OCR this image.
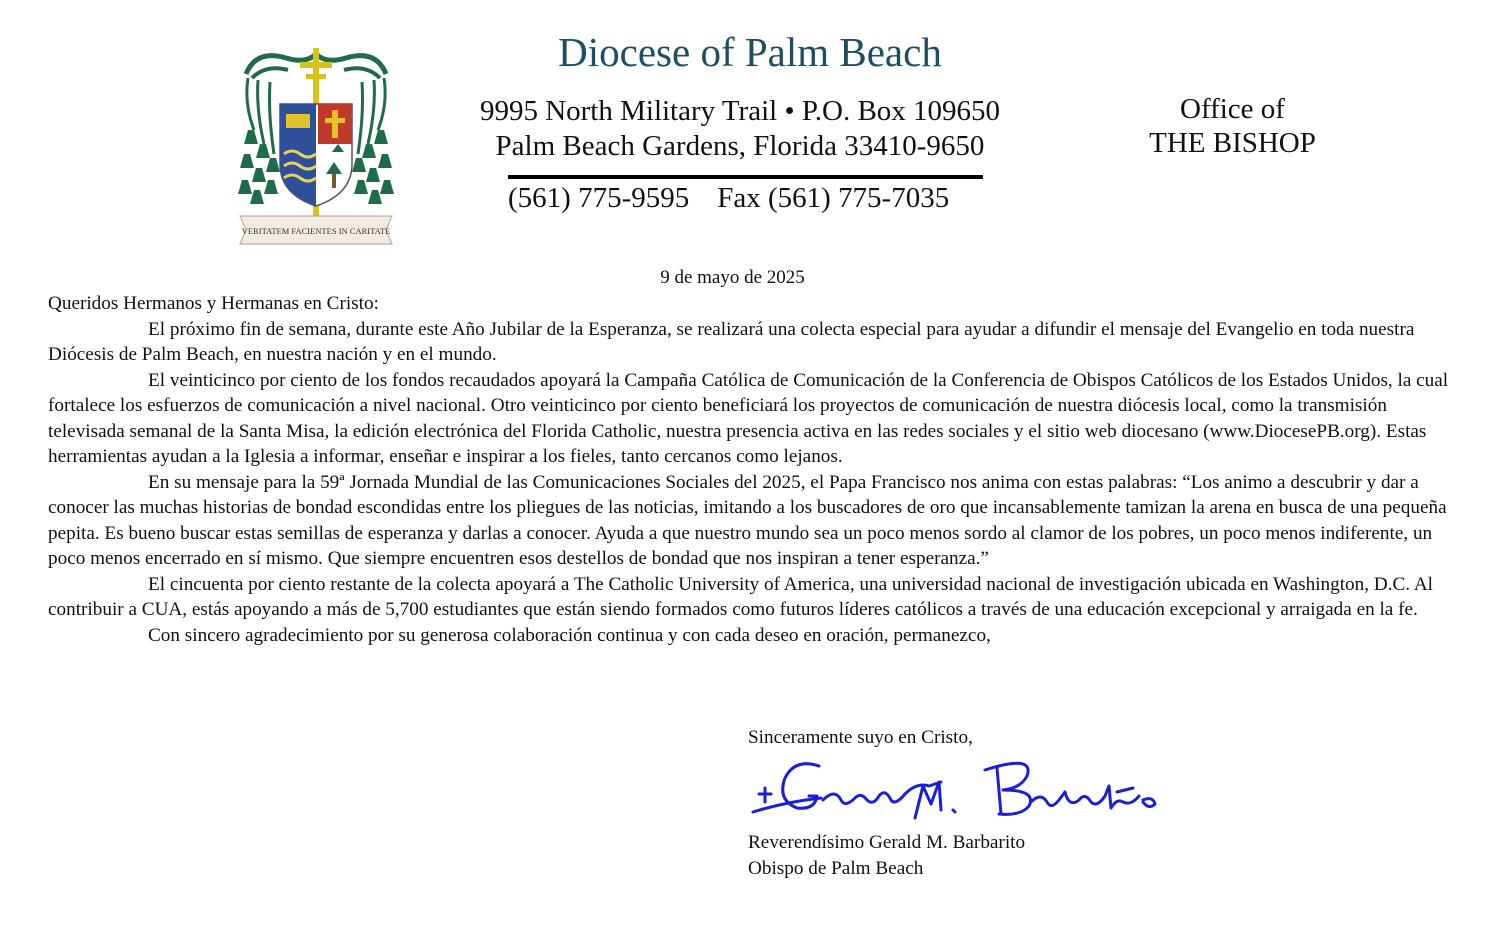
VERITATEM FACIENTES IN CARITATE
Diocese of Palm Beach
9995 North Military Trail • P.O. Box 109650
Palm Beach Gardens, Florida 33410-9650
(561) 775-9595 Fax (561) 775-7035
Office of
THE BISHOP
9 de mayo de 2025

Queridos Hermanos y Hermanas en Cristo:

El próximo fin de semana, durante este Año Jubilar de la Esperanza, se realizará una colecta especial para ayudar a difundir el mensaje del Evangelio en toda nuestra Diócesis de Palm Beach, en nuestra nación y en el mundo.

El veinticinco por ciento de los fondos recaudados apoyará la Campaña Católica de Comunicación de la Conferencia de Obispos Católicos de los Estados Unidos, la cual fortalece los esfuerzos de comunicación a nivel nacional. Otro veinticinco por ciento beneficiará los proyectos de comunicación de nuestra diócesis local, como la transmisión televisada semanal de la Santa Misa, la edición electrónica del Florida Catholic, nuestra presencia activa en las redes sociales y el sitio web diocesano (www.DiocesePB.org). Estas herramientas ayudan a la Iglesia a informar, enseñar e inspirar a los fieles, tanto cercanos como lejanos.

En su mensaje para la 59ª Jornada Mundial de las Comunicaciones Sociales del 2025, el Papa Francisco nos anima con estas palabras: “Los animo a descubrir y dar a conocer las muchas historias de bondad escondidas entre los pliegues de las noticias, imitando a los buscadores de oro que incansablemente tamizan la arena en busca de una pequeña pepita. Es bueno buscar estas semillas de esperanza y darlas a conocer. Ayuda a que nuestro mundo sea un poco menos sordo al clamor de los pobres, un poco menos indiferente, un poco menos encerrado en sí mismo. Que siempre encuentren esos destellos de bondad que nos inspiran a tener esperanza.”

El cincuenta por ciento restante de la colecta apoyará a The Catholic University of America, una universidad nacional de investigación ubicada en Washington, D.C. Al contribuir a CUA, estás apoyando a más de 5,700 estudiantes que están siendo formados como futuros líderes católicos a través de una educación excepcional y arraigada en la fe.

Con sincero agradecimiento por su generosa colaboración continua y con cada deseo en oración, permanezco,

Sinceramente suyo en Cristo,
Reverendísimo Gerald M. Barbarito
Obispo de Palm Beach
